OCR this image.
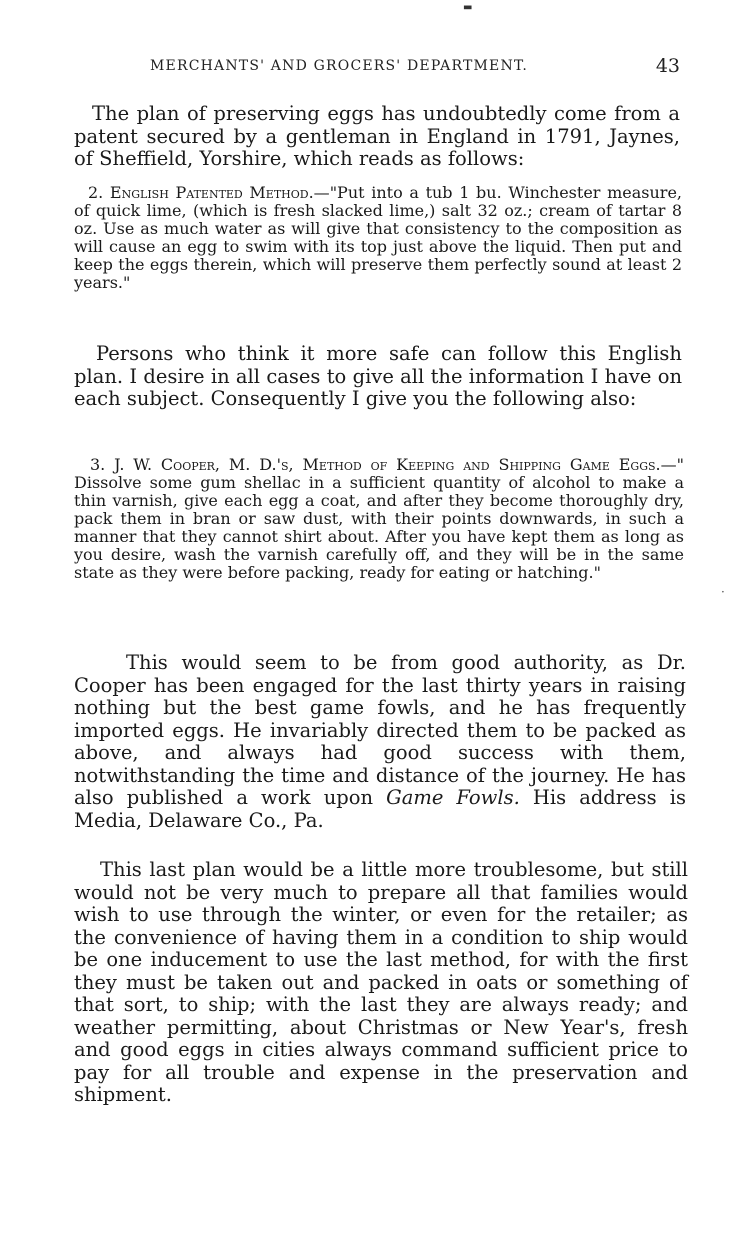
▬
MERCHANTS' AND GROCERS' DEPARTMENT.	43

The plan of preserving eggs has undoubtedly come from a patent secured by a gentleman in England in 1791, Jaynes, of Sheffield, Yorshire, which reads as follows:

2. English Patented Method.—"Put into a tub 1 bu. Winchester measure, of quick lime, (which is fresh slacked lime,) salt 32 oz.; cream of tartar 8 oz. Use as much water as will give that consistency to the composition as will cause an egg to swim with its top just above the liquid. Then put and keep the eggs therein, which will preserve them perfectly sound at least 2 years."

Persons who think it more safe can follow this English plan. I desire in all cases to give all the information I have on each subject. Consequently I give you the following also:

3. J. W. Cooper, M. D.'s, Method of Keeping and Shipping Game Eggs.—" Dissolve some gum shellac in a sufficient quantity of alcohol to make a thin varnish, give each egg a coat, and after they become thoroughly dry, pack them in bran or saw dust, with their points downwards, in such a manner that they cannot shirt about. After you have kept them as long as you desire, wash the varnish carefully off, and they will be in the same state as they were before packing, ready for eating or hatching."

·

This would seem to be from good authority, as Dr. Cooper has been engaged for the last thirty years in raising nothing but the best game fowls, and he has frequently imported eggs. He invariably directed them to be packed as above, and always had good success with them, notwithstanding the time and distance of the journey. He has also published a work upon Game Fowls. His address is Media, Delaware Co., Pa.

This last plan would be a little more troublesome, but still would not be very much to prepare all that families would wish to use through the winter, or even for the retailer; as the convenience of having them in a condition to ship would be one inducement to use the last method, for with the first they must be taken out and packed in oats or something of that sort, to ship; with the last they are always ready; and weather permitting, about Christmas or New Year's, fresh and good eggs in cities always command sufficient price to pay for all trouble and expense in the preservation and shipment.
